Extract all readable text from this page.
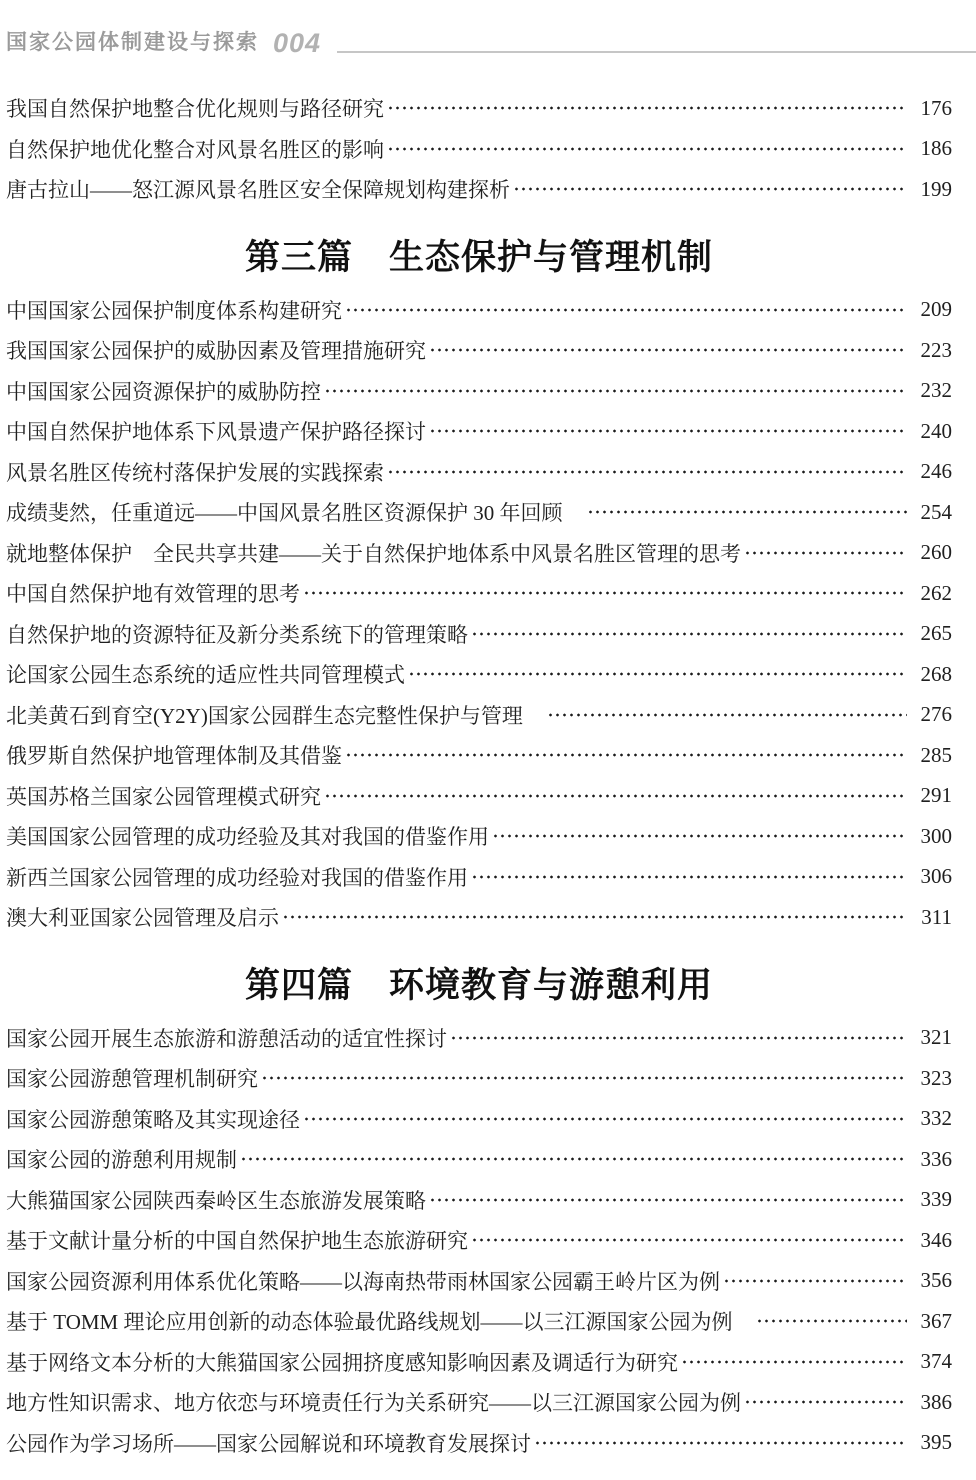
国家公园体制建设与探索 004
我国自然保护地整合优化规则与路径研究	176
自然保护地优化整合对风景名胜区的影响	186
唐古拉山——怒江源风景名胜区安全保障规划构建探析	199
第三篇　生态保护与管理机制
中国国家公园保护制度体系构建研究	209
我国国家公园保护的威胁因素及管理措施研究	223
中国国家公园资源保护的威胁防控	232
中国自然保护地体系下风景遗产保护路径探讨	240
风景名胜区传统村落保护发展的实践探索	246
成绩斐然，任重道远——中国风景名胜区资源保护 30 年回顾　	254
就地整体保护　全民共享共建——关于自然保护地体系中风景名胜区管理的思考	260
中国自然保护地有效管理的思考	262
自然保护地的资源特征及新分类系统下的管理策略	265
论国家公园生态系统的适应性共同管理模式	268
北美黄石到育空(Y2Y)国家公园群生态完整性保护与管理　	276
俄罗斯自然保护地管理体制及其借鉴	285
英国苏格兰国家公园管理模式研究	291
美国国家公园管理的成功经验及其对我国的借鉴作用	300
新西兰国家公园管理的成功经验对我国的借鉴作用	306
澳大利亚国家公园管理及启示	311
第四篇　环境教育与游憩利用
国家公园开展生态旅游和游憩活动的适宜性探讨	321
国家公园游憩管理机制研究	323
国家公园游憩策略及其实现途径	332
国家公园的游憩利用规制	336
大熊猫国家公园陕西秦岭区生态旅游发展策略	339
基于文献计量分析的中国自然保护地生态旅游研究	346
国家公园资源利用体系优化策略——以海南热带雨林国家公园霸王岭片区为例	356
基于 TOMM 理论应用创新的动态体验最优路线规划——以三江源国家公园为例　	367
基于网络文本分析的大熊猫国家公园拥挤度感知影响因素及调适行为研究	374
地方性知识需求、地方依恋与环境责任行为关系研究——以三江源国家公园为例	386
公园作为学习场所——国家公园解说和环境教育发展探讨	395
